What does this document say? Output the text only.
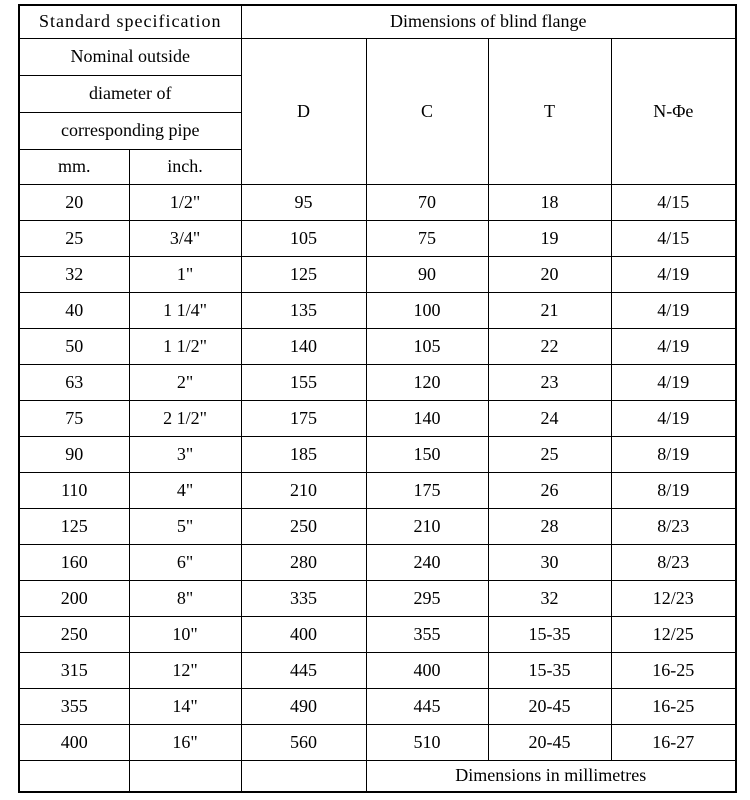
Standard specification		Dimensions of blind flange			
Nominal outside		D	C	T	N-Φe
diameter of					
corresponding pipe					
mm.	inch.				
20	1/2"	95	70	18	4/15
25	3/4"	105	75	19	4/15
32	1"	125	90	20	4/19
40	1 1/4"	135	100	21	4/19
50	1 1/2"	140	105	22	4/19
63	2"	155	120	23	4/19
75	2 1/2"	175	140	24	4/19
90	3"	185	150	25	8/19
110	4"	210	175	26	8/19
125	5"	250	210	28	8/23
160	6"	280	240	30	8/23
200	8"	335	295	32	12/23
250	10"	400	355	15-35	12/25
315	12"	445	400	15-35	16-25
355	14"	490	445	20-45	16-25
400	16"	560	510	20-45	16-27
			Dimensions in millimetres		
